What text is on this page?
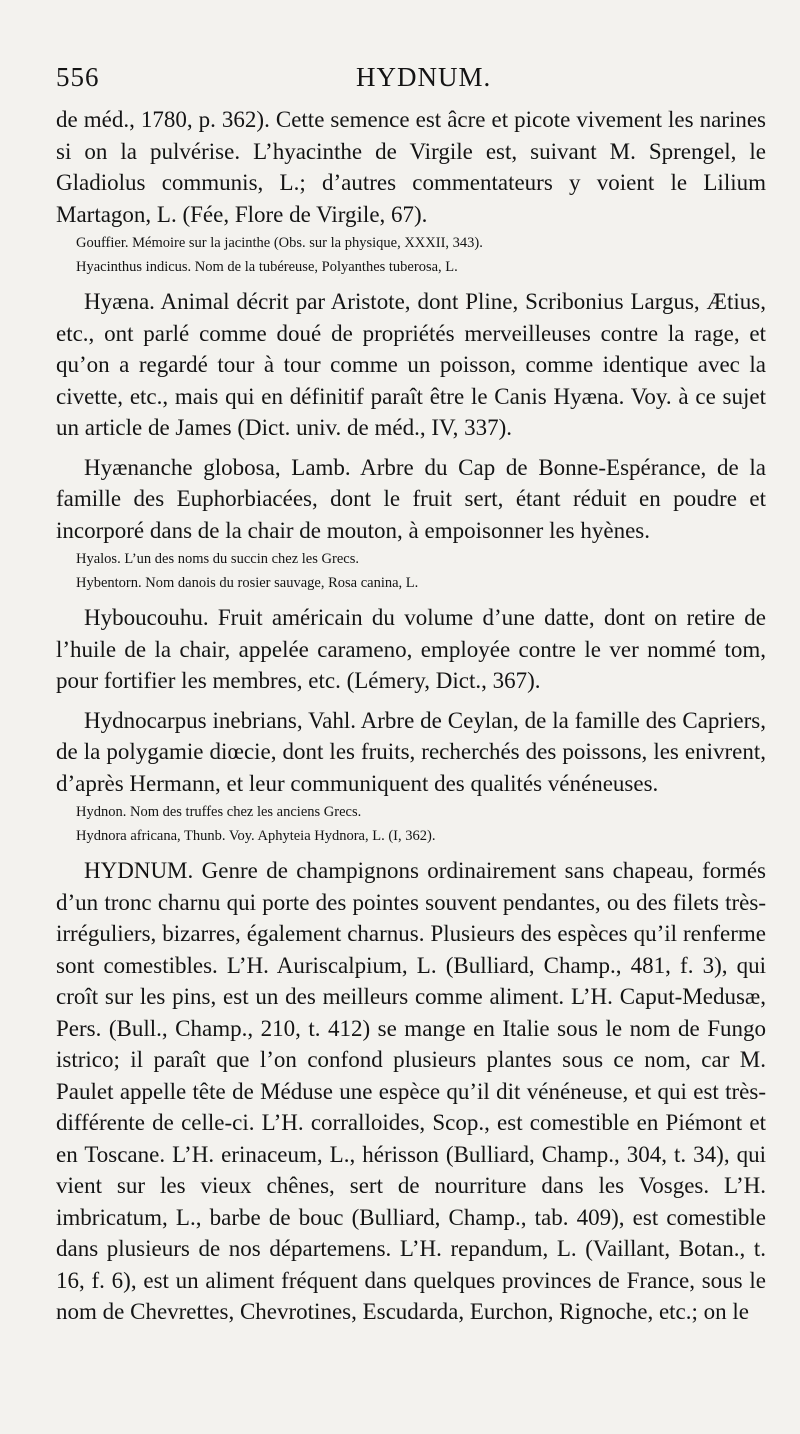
556	HYDNUM.

de méd., 1780, p. 362). Cette semence est âcre et picote vivement les narines si on la pulvérise. L’hyacinthe de Virgile est, suivant M. Sprengel, le Gladiolus communis, L.; d’autres commentateurs y voient le Lilium Martagon, L. (Fée, Flore de Virgile, 67).

Gouffier. Mémoire sur la jacinthe (Obs. sur la physique, XXXII, 343).

Hyacinthus indicus. Nom de la tubéreuse, Polyanthes tuberosa, L.

Hyæna. Animal décrit par Aristote, dont Pline, Scribonius Largus, Ætius, etc., ont parlé comme doué de propriétés merveilleuses contre la rage, et qu’on a regardé tour à tour comme un poisson, comme identique avec la civette, etc., mais qui en définitif paraît être le Canis Hyæna. Voy. à ce sujet un article de James (Dict. univ. de méd., IV, 337).

Hyænanche globosa, Lamb. Arbre du Cap de Bonne-Espérance, de la famille des Euphorbiacées, dont le fruit sert, étant réduit en poudre et incorporé dans de la chair de mouton, à empoisonner les hyènes.

Hyalos. L’un des noms du succin chez les Grecs.

Hybentorn. Nom danois du rosier sauvage, Rosa canina, L.

Hyboucouhu. Fruit américain du volume d’une datte, dont on retire de l’huile de la chair, appelée carameno, employée contre le ver nommé tom, pour fortifier les membres, etc. (Lémery, Dict., 367).

Hydnocarpus inebrians, Vahl. Arbre de Ceylan, de la famille des Capriers, de la polygamie diœcie, dont les fruits, recherchés des poissons, les enivrent, d’après Hermann, et leur communiquent des qualités vénéneuses.

Hydnon. Nom des truffes chez les anciens Grecs.

Hydnora africana, Thunb. Voy. Aphyteia Hydnora, L. (I, 362).

HYDNUM. Genre de champignons ordinairement sans chapeau, formés d’un tronc charnu qui porte des pointes souvent pendantes, ou des filets très-irréguliers, bizarres, également charnus. Plusieurs des espèces qu’il renferme sont comestibles. L’H. Auriscalpium, L. (Bulliard, Champ., 481, f. 3), qui croît sur les pins, est un des meilleurs comme aliment. L’H. Caput-Medusæ, Pers. (Bull., Champ., 210, t. 412) se mange en Italie sous le nom de Fungo istrico; il paraît que l’on confond plusieurs plantes sous ce nom, car M. Paulet appelle tête de Méduse une espèce qu’il dit vénéneuse, et qui est très-différente de celle-ci. L’H. corralloides, Scop., est comestible en Piémont et en Toscane. L’H. erinaceum, L., hérisson (Bulliard, Champ., 304, t. 34), qui vient sur les vieux chênes, sert de nourriture dans les Vosges. L’H. imbricatum, L., barbe de bouc (Bulliard, Champ., tab. 409), est comestible dans plusieurs de nos départemens. L’H. repandum, L. (Vaillant, Botan., t. 16, f. 6), est un aliment fréquent dans quelques provinces de France, sous le nom de Chevrettes, Chevrotines, Escudarda, Eurchon, Rignoche, etc.; on le
